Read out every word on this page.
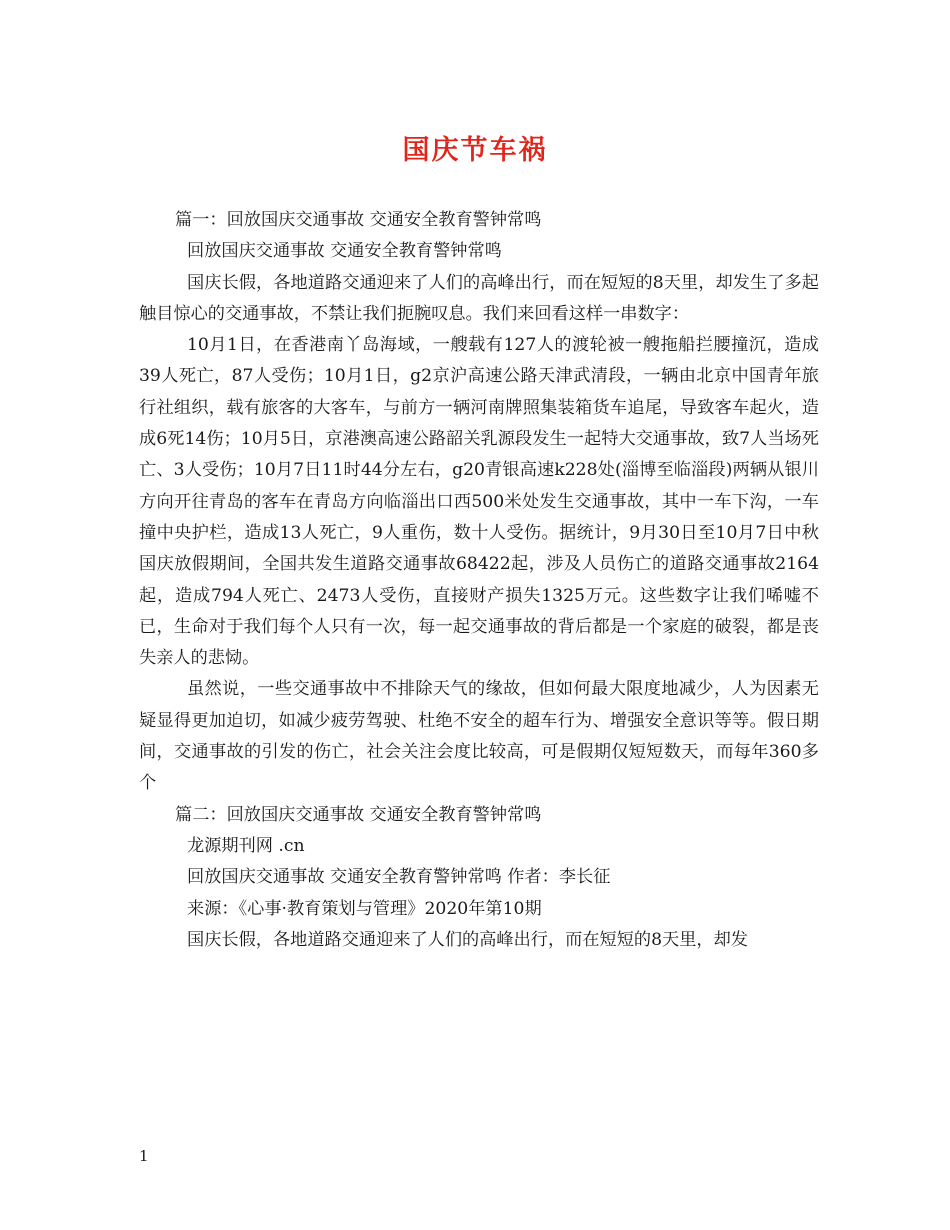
国庆节车祸

篇一：回放国庆交通事故 交通安全教育警钟常鸣

回放国庆交通事故 交通安全教育警钟常鸣

国庆长假，各地道路交通迎来了人们的高峰出行，而在短短的8天里，却发生了多起触目惊心的交通事故，不禁让我们扼腕叹息。我们来回看这样一串数字：

10月1日，在香港南丫岛海域，一艘载有127人的渡轮被一艘拖船拦腰撞沉，造成39人死亡，87人受伤；10月1日，g2京沪高速公路天津武清段，一辆由北京中国青年旅行社组织，载有旅客的大客车，与前方一辆河南牌照集装箱货车追尾，导致客车起火，造成6死14伤；10月5日，京港澳高速公路韶关乳源段发生一起特大交通事故，致7人当场死亡、3人受伤；10月7日11时44分左右，g20青银高速k228处(淄博至临淄段)两辆从银川方向开往青岛的客车在青岛方向临淄出口西500米处发生交通事故，其中一车下沟，一车撞中央护栏，造成13人死亡，9人重伤，数十人受伤。据统计，9月30日至10月7日中秋国庆放假期间，全国共发生道路交通事故68422起，涉及人员伤亡的道路交通事故2164起，造成794人死亡、2473人受伤，直接财产损失1325万元。这些数字让我们唏嘘不已，生命对于我们每个人只有一次，每一起交通事故的背后都是一个家庭的破裂，都是丧失亲人的悲恸。

虽然说，一些交通事故中不排除天气的缘故，但如何最大限度地减少，人为因素无疑显得更加迫切，如减少疲劳驾驶、杜绝不安全的超车行为、增强安全意识等等。假日期间，交通事故的引发的伤亡，社会关注会度比较高，可是假期仅短短数天，而每年360多个

篇二：回放国庆交通事故 交通安全教育警钟常鸣

龙源期刊网 .cn

回放国庆交通事故 交通安全教育警钟常鸣 作者：李长征

来源：《心事·教育策划与管理》2020年第10期

国庆长假，各地道路交通迎来了人们的高峰出行，而在短短的8天里，却发

1
